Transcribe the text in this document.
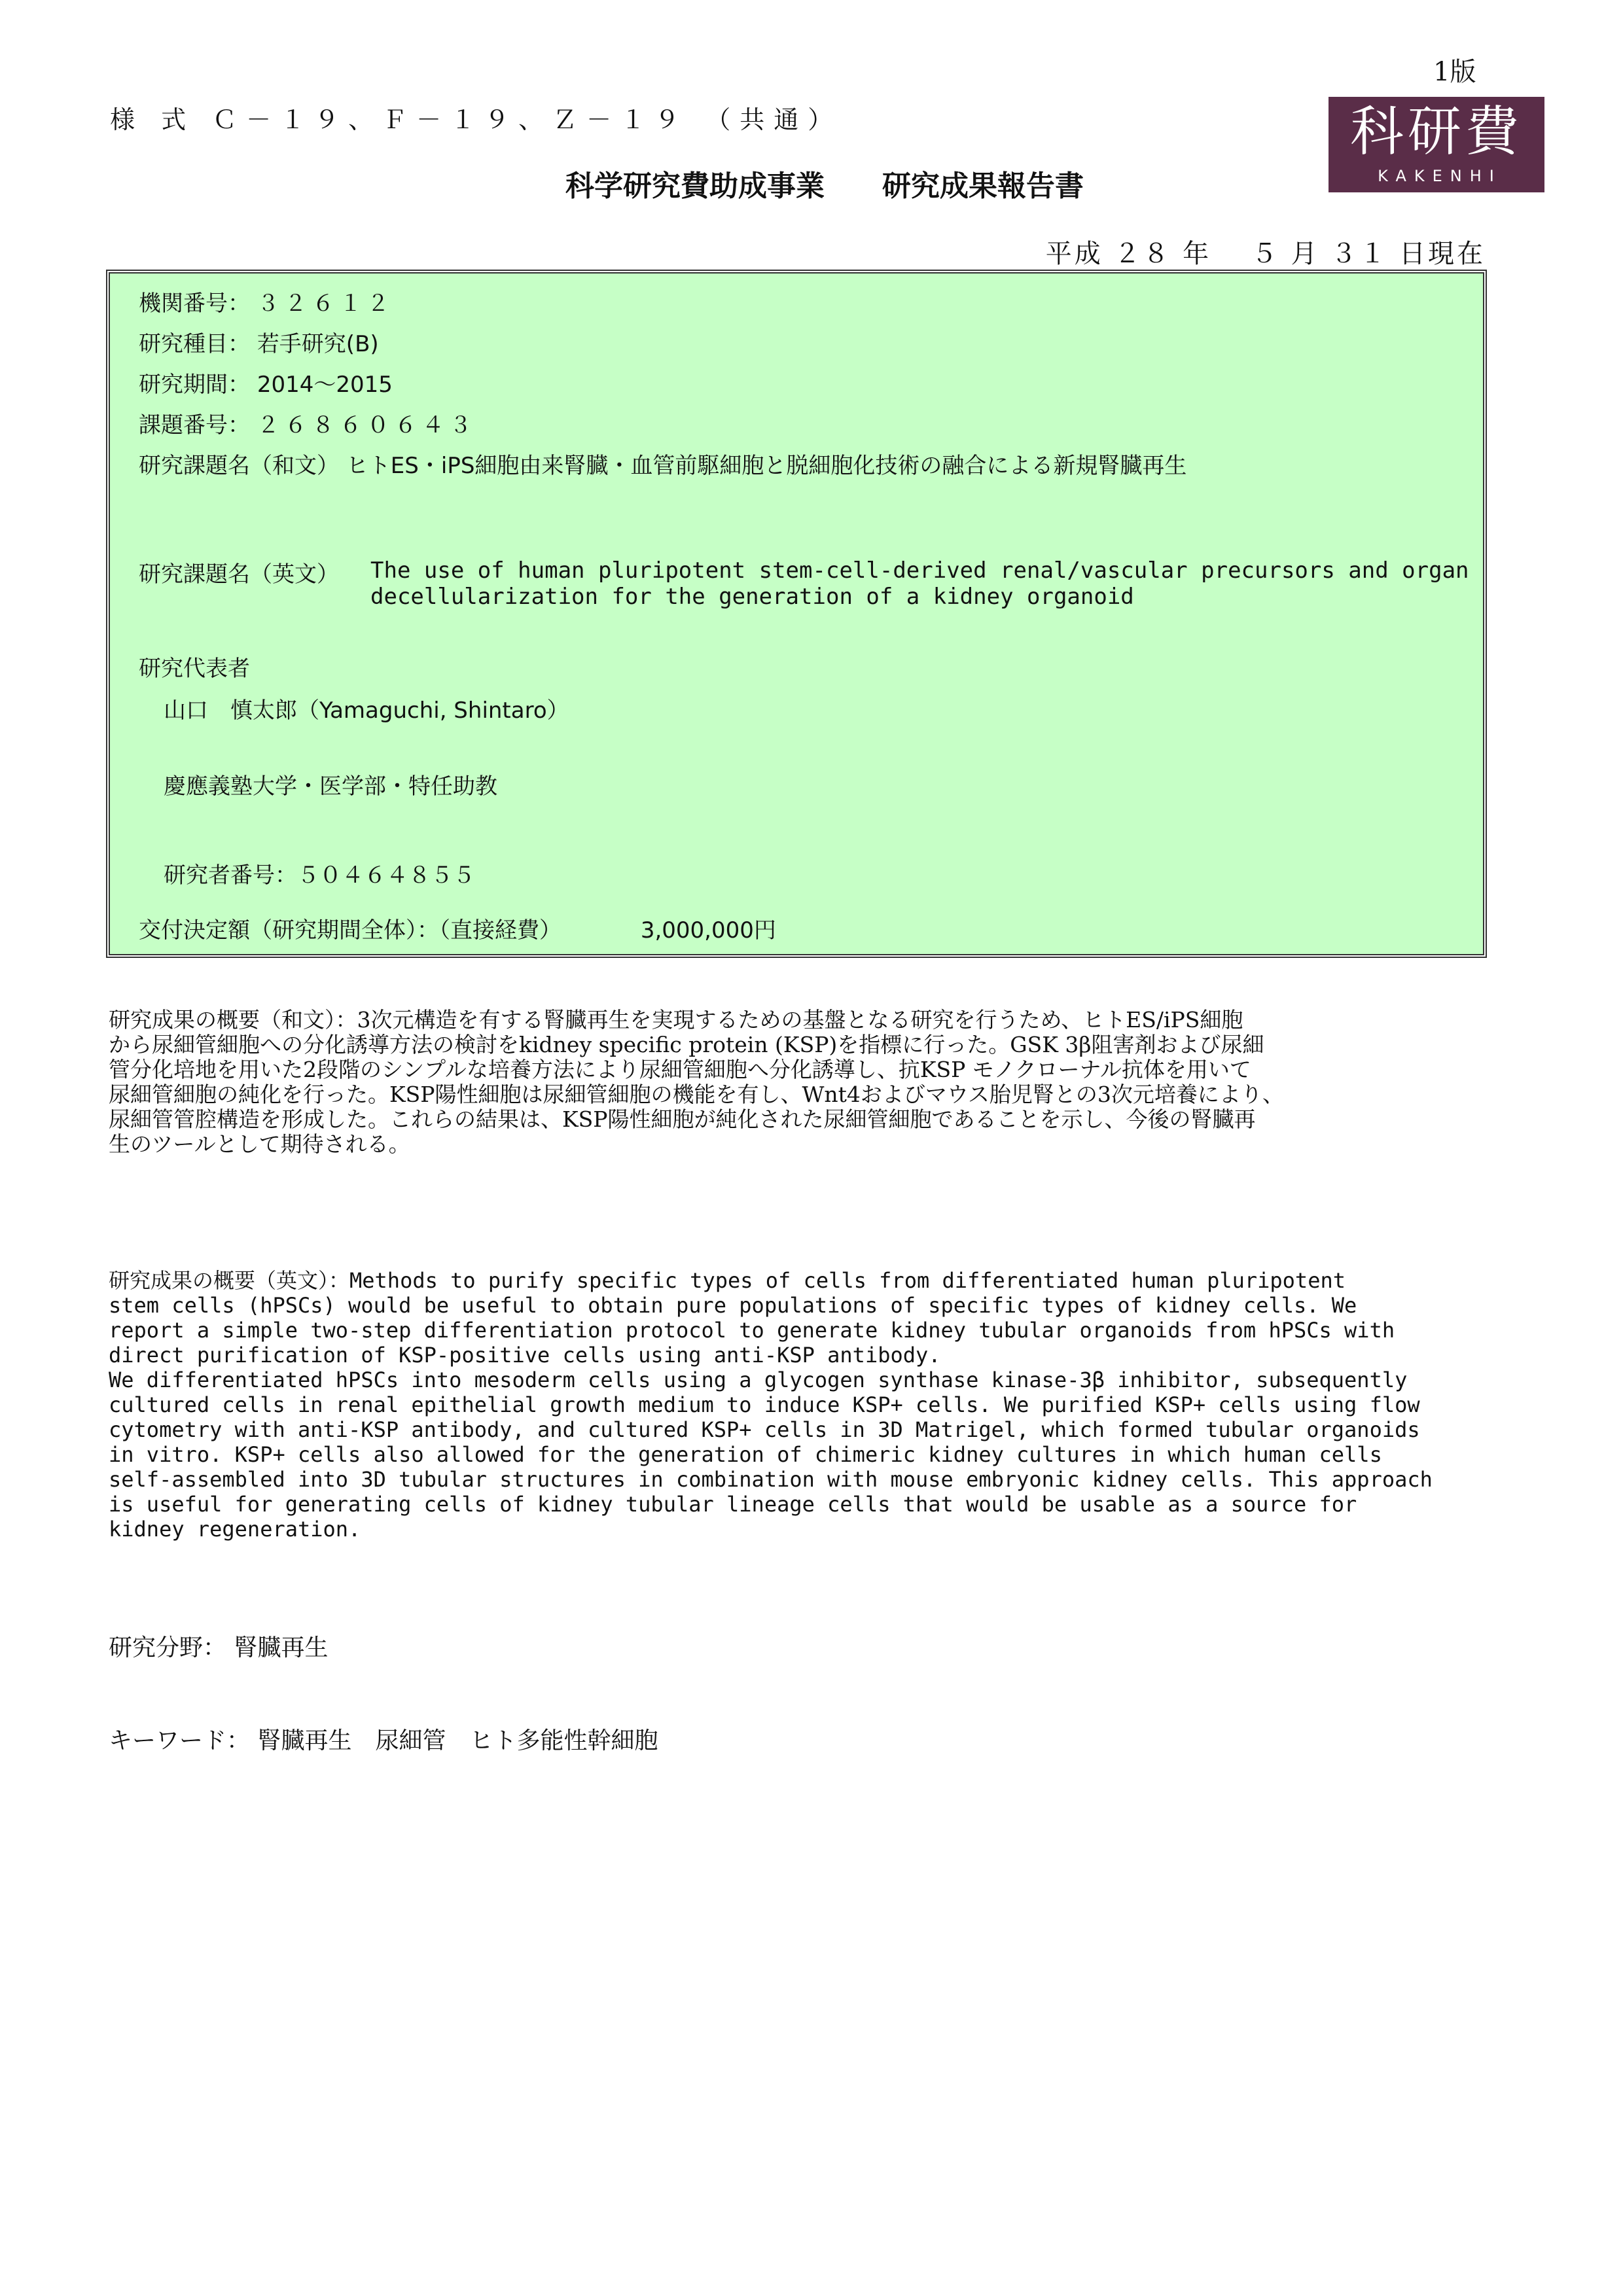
1版
様 式 Ｃ－１９、Ｆ－１９、Ｚ－１９ （共通）
科学研究費助成事業　　研究成果報告書
科研費
KAKENHI
平成 ２８ 年　 ５ 月 ３１ 日現在
機関番号： ３２６１２
研究種目： 若手研究(B)
研究期間： 2014～2015
課題番号： ２６８６０６４３
研究課題名（和文） ヒトES・iPS細胞由来腎臓・血管前駆細胞と脱細胞化技術の融合による新規腎臓再生
研究課題名（英文） The use of human pluripotent stem-cell-derived renal/vascular precursors and organ
decellularization for the generation of a kidney organoid
研究代表者
山口　慎太郎（Yamaguchi, Shintaro）
慶應義塾大学・医学部・特任助教
研究者番号：５０４６４８５５
交付決定額（研究期間全体）：（直接経費）	3,000,000円
研究成果の概要（和文）：3次元構造を有する腎臓再生を実現するための基盤となる研究を行うため、ヒトES/iPS細胞
から尿細管細胞への分化誘導方法の検討をkidney specific protein (KSP)を指標に行った。GSK 3β阻害剤および尿細
管分化培地を用いた2段階のシンプルな培養方法により尿細管細胞へ分化誘導し、抗KSP モノクローナル抗体を用いて
尿細管細胞の純化を行った。KSP陽性細胞は尿細管細胞の機能を有し、Wnt4およびマウス胎児腎との3次元培養により、
尿細管管腔構造を形成した。これらの結果は、KSP陽性細胞が純化された尿細管細胞であることを示し、今後の腎臓再
生のツールとして期待される。
研究成果の概要（英文）：Methods to purify specific types of cells from differentiated human pluripotent
stem cells (hPSCs) would be useful to obtain pure populations of specific types of kidney cells. We
report a simple two-step differentiation protocol to generate kidney tubular organoids from hPSCs with
direct purification of KSP-positive cells using anti-KSP antibody.
We differentiated hPSCs into mesoderm cells using a glycogen synthase kinase-3β inhibitor, subsequently
cultured cells in renal epithelial growth medium to induce KSP+ cells. We purified KSP+ cells using flow
cytometry with anti-KSP antibody, and cultured KSP+ cells in 3D Matrigel, which formed tubular organoids
in vitro. KSP+ cells also allowed for the generation of chimeric kidney cultures in which human cells
self-assembled into 3D tubular structures in combination with mouse embryonic kidney cells. This approach
is useful for generating cells of kidney tubular lineage cells that would be usable as a source for
kidney regeneration.
研究分野： 腎臓再生
キーワード： 腎臓再生　尿細管　ヒト多能性幹細胞
